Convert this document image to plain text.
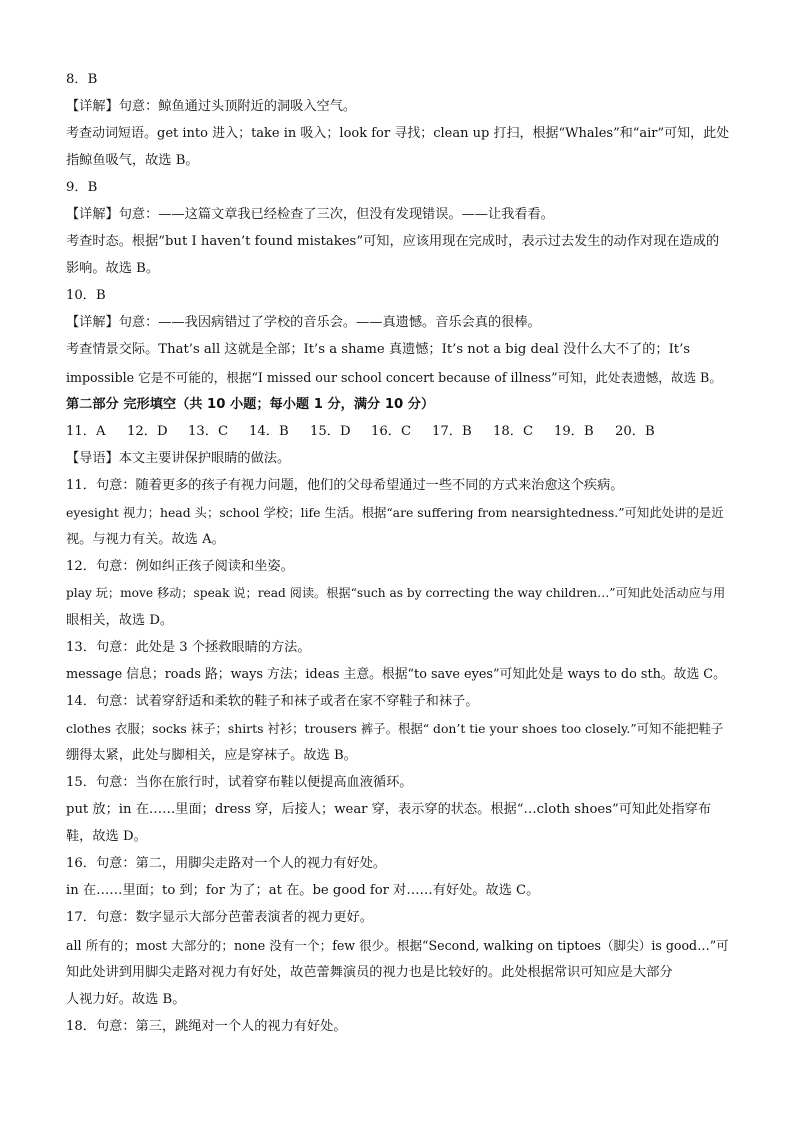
8．B
【详解】句意：鲸鱼通过头顶附近的洞吸入空气。
考查动词短语。get into 进入；take in 吸入；look for 寻找；clean up 打扫，根据“Whales”和“air”可知，此处
指鲸鱼吸气，故选 B。
9．B
【详解】句意：——这篇文章我已经检查了三次，但没有发现错误。——让我看看。
考查时态。根据“but I haven’t found mistakes”可知，应该用现在完成时，表示过去发生的动作对现在造成的
影响。故选 B。
10．B
【详解】句意：——我因病错过了学校的音乐会。——真遗憾。音乐会真的很棒。
考查情景交际。That’s all 这就是全部；It’s a shame 真遗憾；It’s not a big deal 没什么大不了的；It’s
impossible 它是不可能的，根据“I missed our school concert because of illness”可知，此处表遗憾，故选 B。
第二部分 完形填空（共 10 小题；每小题 1 分，满分 10 分）
11．A	12．D	13．C	14．B	15．D	16．C	17．B	18．C	19．B	20．B
【导语】本文主要讲保护眼睛的做法。
11．句意：随着更多的孩子有视力问题，他们的父母希望通过一些不同的方式来治愈这个疾病。
eyesight 视力；head 头；school 学校；life 生活。根据“are suffering from nearsightedness.”可知此处讲的是近
视。与视力有关。故选 A。
12．句意：例如纠正孩子阅读和坐姿。
play 玩；move 移动；speak 说；read 阅读。根据“such as by correcting the way children…”可知此处活动应与用
眼相关，故选 D。
13．句意：此处是 3 个拯救眼睛的方法。
message 信息；roads 路；ways 方法；ideas 主意。根据“to save eyes”可知此处是 ways to do sth。故选 C。
14．句意：试着穿舒适和柔软的鞋子和袜子或者在家不穿鞋子和袜子。
clothes 衣服；socks 袜子；shirts 衬衫；trousers 裤子。根据“ don’t tie your shoes too closely.”可知不能把鞋子
绷得太紧，此处与脚相关，应是穿袜子。故选 B。
15．句意：当你在旅行时，试着穿布鞋以便提高血液循环。
put 放；in 在……里面；dress 穿，后接人；wear 穿，表示穿的状态。根据“…cloth shoes”可知此处指穿布
鞋，故选 D。
16．句意：第二，用脚尖走路对一个人的视力有好处。
in 在……里面；to 到；for 为了；at 在。be good for 对……有好处。故选 C。
17．句意：数字显示大部分芭蕾表演者的视力更好。
all 所有的；most 大部分的；none 没有一个；few 很少。根据“Second, walking on tiptoes（脚尖）is good…”可
知此处讲到用脚尖走路对视力有好处，故芭蕾舞演员的视力也是比较好的。此处根据常识可知应是大部分
人视力好。故选 B。
18．句意：第三，跳绳对一个人的视力有好处。
